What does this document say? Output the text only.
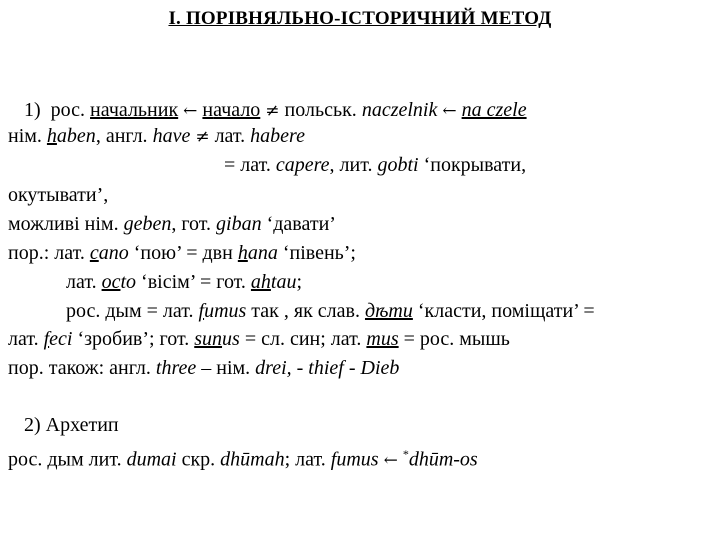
І. ПОРІВНЯЛЬНО-ІСТОРИЧНИЙ МЕТОД
1) рос. начальник ← начало ≠ польськ. naczelnik ← na czele
нім. haben, англ. have ≠ лат. habere
= лат. capere, лит. gobti ‘покрывати,
окутывати’,
можливі нім. geben, гот. giban ‘давати’
пор.: лат. cano ‘пою’ = двн hana ‘півень’;
лат. octo ‘вісім’ = гот. ahtau;
рос. дым = лат. fumus так , як слав. дѣти ‘класти, поміщати’ =
лат. feci ‘зробив’; гот. sunus = сл. син; лат. mus = рос. мышь
пор. також: англ. three – нім. drei, - thief - Dieb
2) Архетип
рос. дым лит. dumai скр. dhūmah; лат. fumus ← *dhūm-os
